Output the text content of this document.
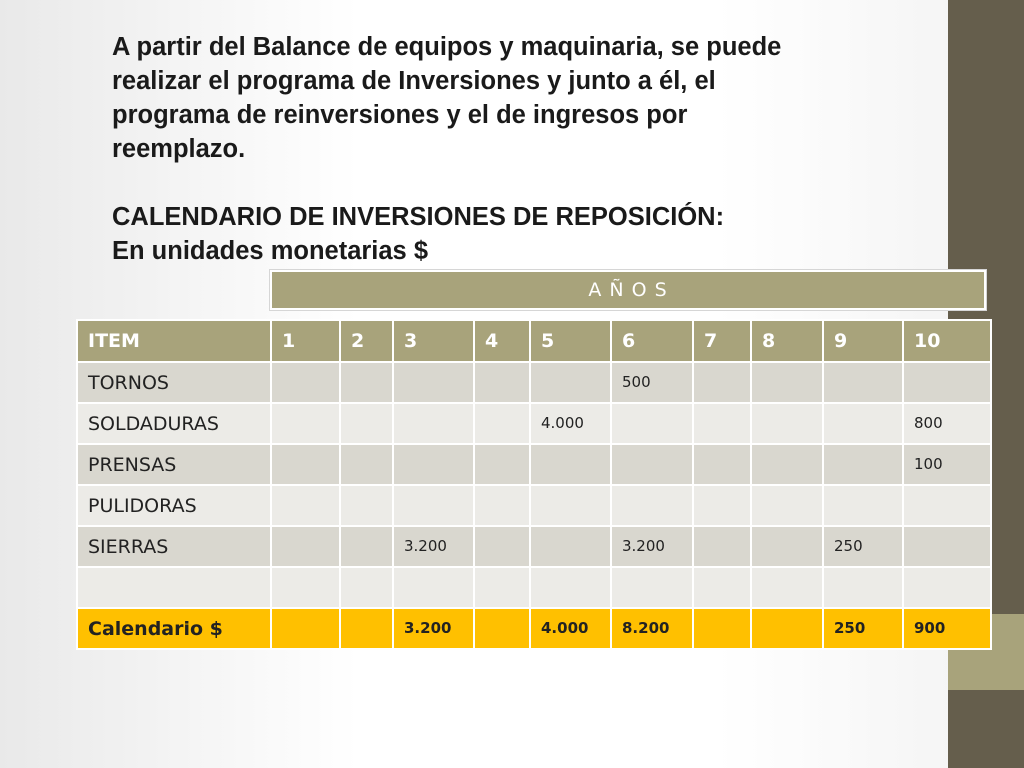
A partir del Balance de equipos y maquinaria, se puede
realizar el programa de Inversiones y junto a él, el
programa de reinversiones y el de ingresos por
reemplazo.
CALENDARIO DE INVERSIONES DE REPOSICIÓN:
En unidades monetarias $
A Ñ O S
ITEM	1	2	3	4	5	6	7	8	9	10
TORNOS						500				
SOLDADURAS					4.000					800
PRENSAS										100
PULIDORAS										
SIERRAS			3.200			3.200			250	

Calendario $			3.200		4.000	8.200			250	900
